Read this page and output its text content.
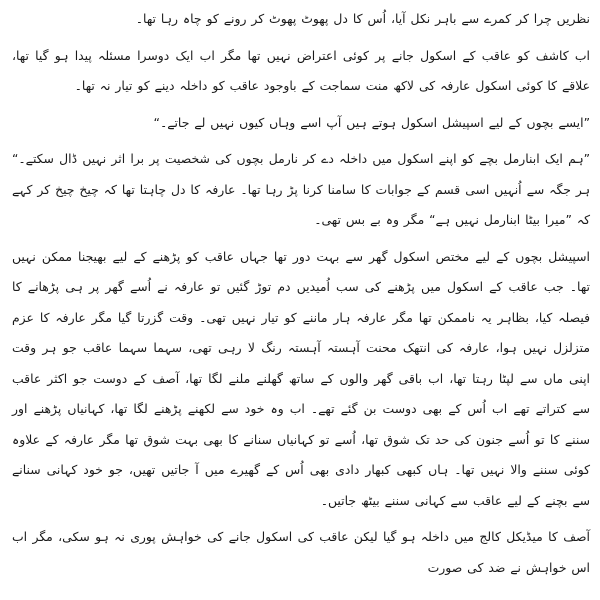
نظریں چرا کر کمرے سے باہر نکل آیا، اُس کا دل پھوٹ پھوٹ کر رونے کو چاہ رہا تھا۔

اب کاشف کو عاقب کے اسکول جانے پر کوئی اعتراض نہیں تھا مگر اب ایک دوسرا مسئلہ پیدا ہو گیا تھا، علاقے کا کوئی اسکول عارفہ کی لاکھ منت سماجت کے باوجود عاقب کو داخلہ دینے کو تیار نہ تھا۔

”ایسے بچوں کے لیے اسپیشل اسکول ہوتے ہیں آپ اسے وہاں کیوں نہیں لے جاتے۔“

”ہم ایک ابنارمل بچے کو اپنے اسکول میں داخلہ دے کر نارمل بچوں کی شخصیت پر برا اثر نہیں ڈال سکتے۔“ ہر جگہ سے اُنہیں اسی قسم کے جوابات کا سامنا کرنا پڑ رہا تھا۔ عارفہ کا دل چاہتا تھا کہ چیخ چیخ کر کہے کہ ”میرا بیٹا ابنارمل نہیں ہے“ مگر وہ بے بس تھی۔

اسپیشل بچوں کے لیے مختص اسکول گھر سے بہت دور تھا جہاں عاقب کو پڑھنے کے لیے بھیجنا ممکن نہیں تھا۔ جب عاقب کے اسکول میں پڑھنے کی سب اُمیدیں دم توڑ گئیں تو عارفہ نے اُسے گھر پر ہی پڑھانے کا فیصلہ کیا، بظاہر یہ ناممکن تھا مگر عارفہ ہار ماننے کو تیار نہیں تھی۔ وقت گزرتا گیا مگر عارفہ کا عزم متزلزل نہیں ہوا، عارفہ کی انتھک محنت آہستہ آہستہ رنگ لا رہی تھی، سہما سہما عاقب جو ہر وقت اپنی ماں سے لپٹا رہتا تھا، اب باقی گھر والوں کے ساتھ گھلنے ملنے لگا تھا، آصف کے دوست جو اکثر عاقب سے کتراتے تھے اب اُس کے بھی دوست بن گئے تھے۔ اب وہ خود سے لکھنے پڑھنے لگا تھا، کہانیاں پڑھنے اور سننے کا تو اُسے جنون کی حد تک شوق تھا، اُسے تو کہانیاں سنانے کا بھی بہت شوق تھا مگر عارفہ کے علاوہ کوئی سننے والا نہیں تھا۔ ہاں کبھی کبھار دادی بھی اُس کے گھیرے میں آ جاتیں تھیں، جو خود کہانی سنانے سے بچنے کے لیے عاقب سے کہانی سننے بیٹھ جاتیں۔

آصف کا میڈیکل کالج میں داخلہ ہو گیا لیکن عاقب کی اسکول جانے کی خواہش پوری نہ ہو سکی، مگر اب اس خواہش نے ضد کی صورت
